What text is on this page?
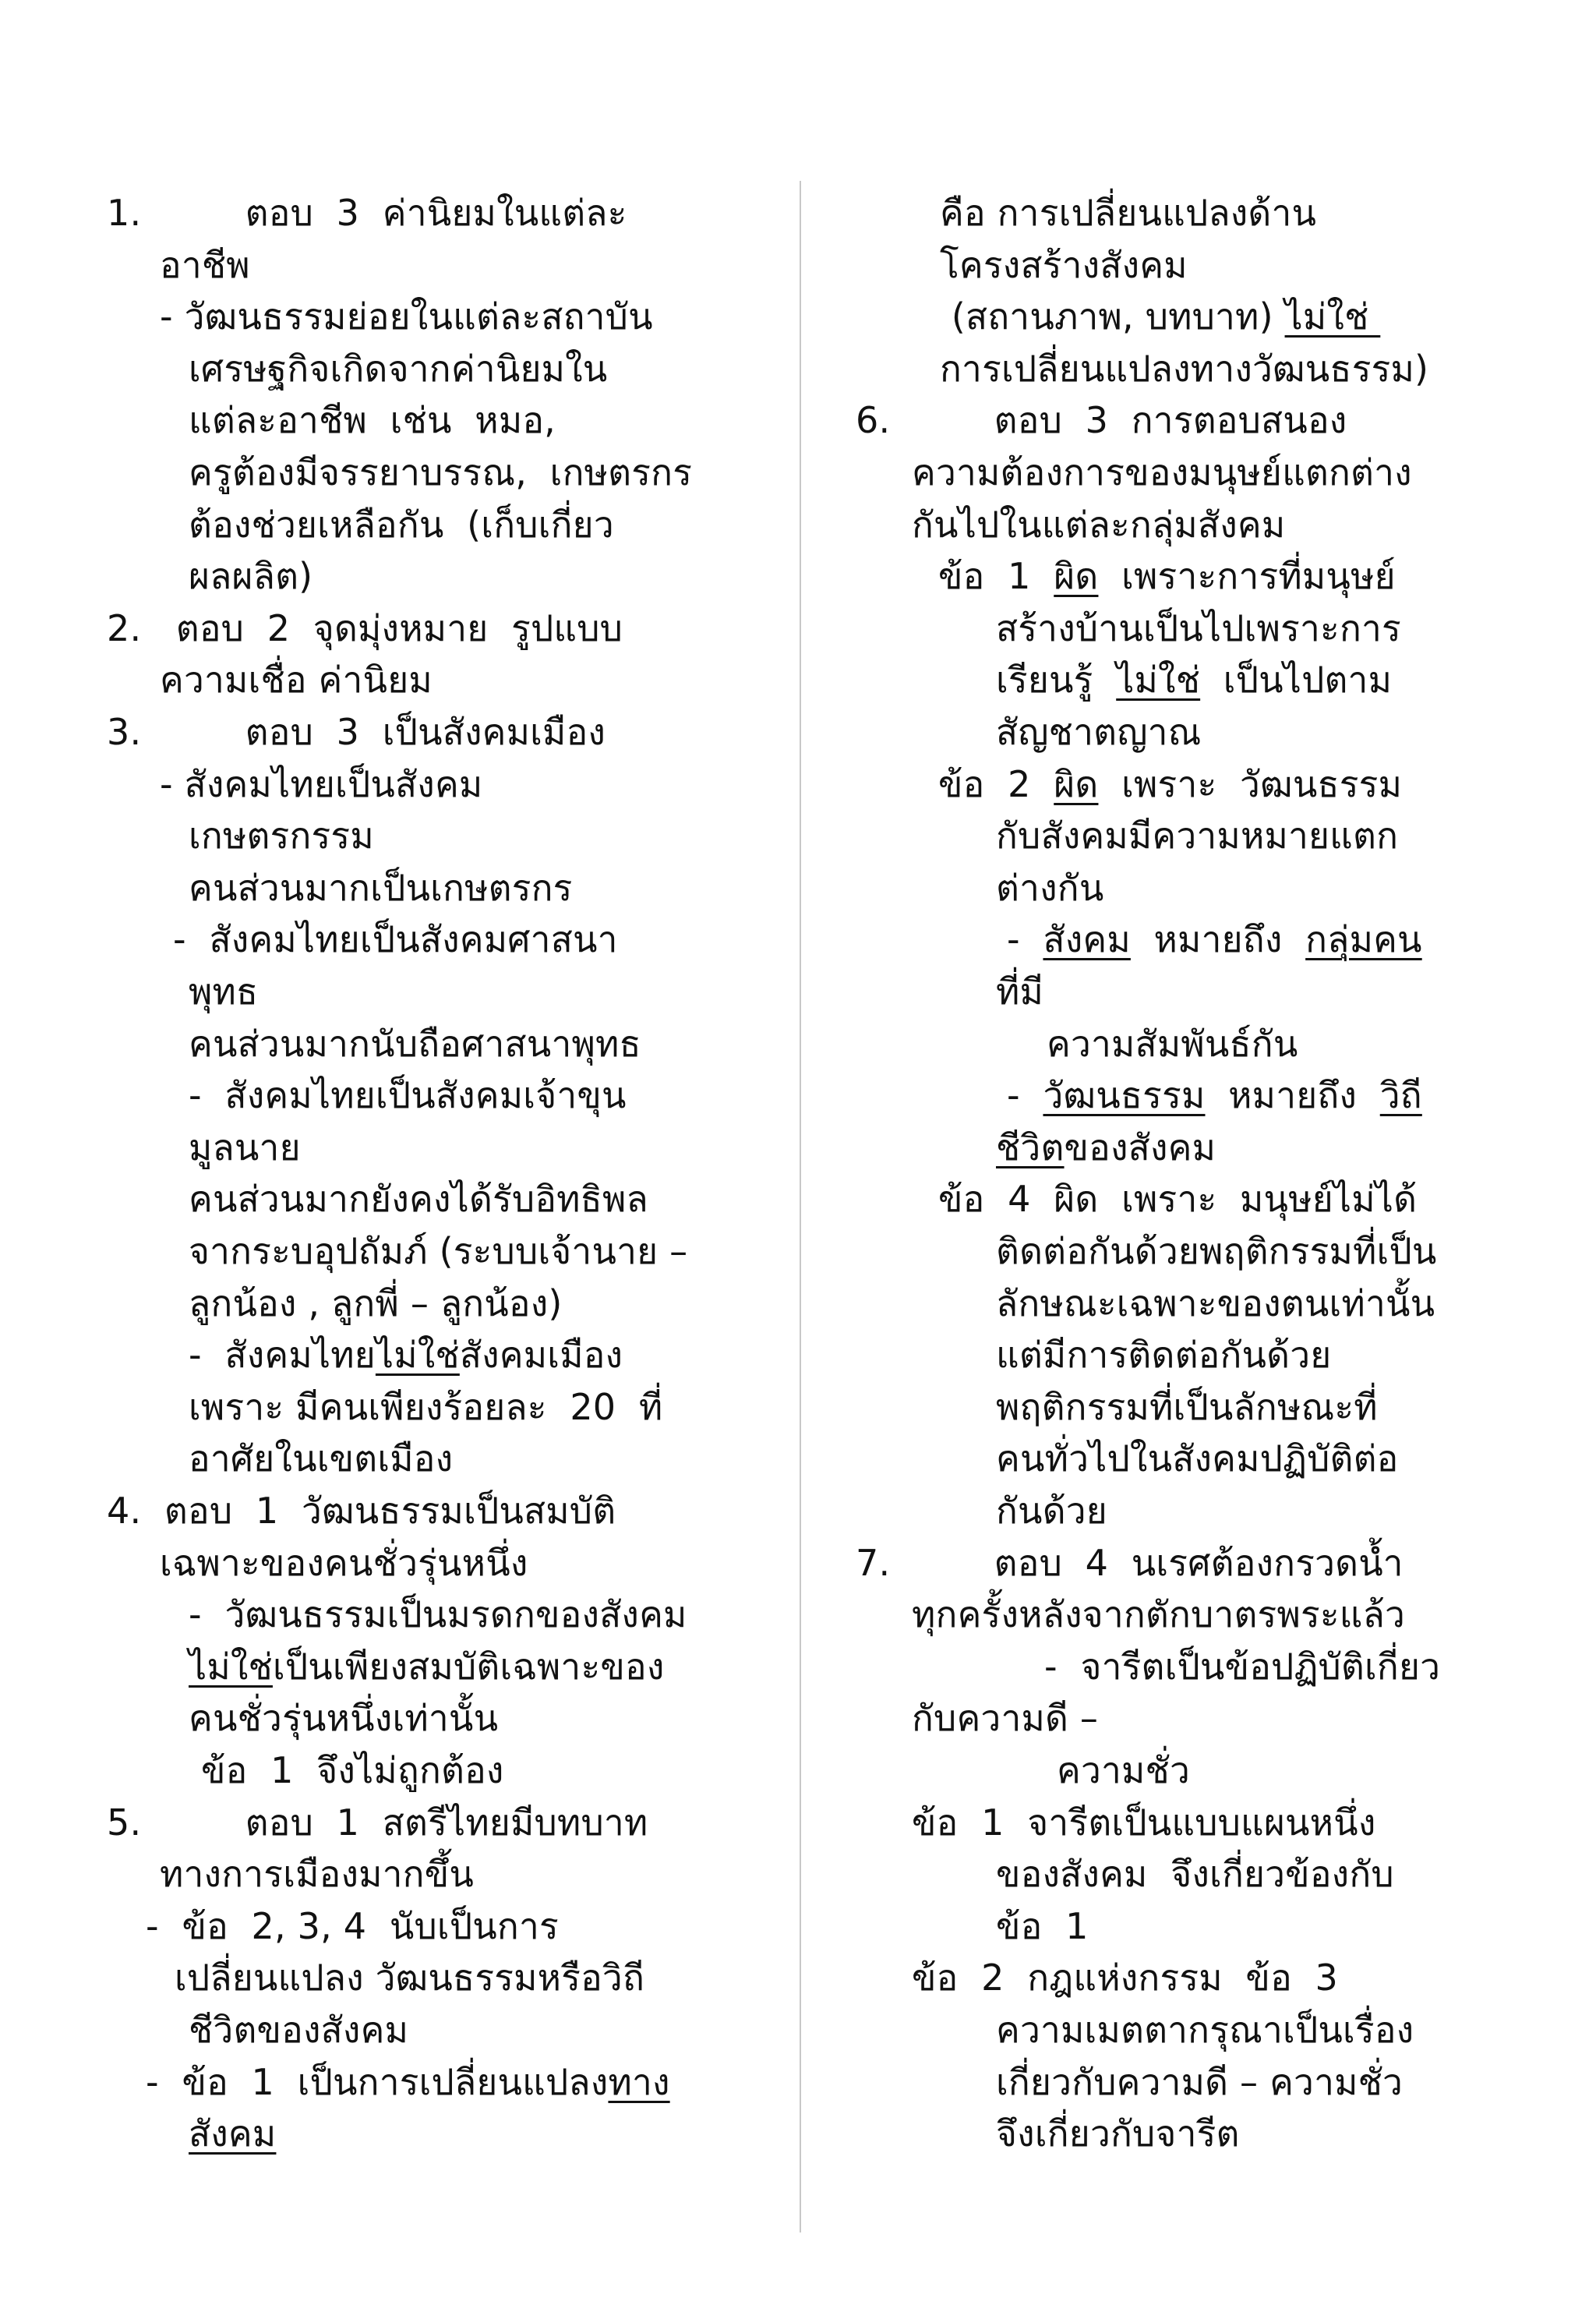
1.         ตอบ  3  ค่านิยมในแต่ละ
อาชีพ
- วัฒนธรรมย่อยในแต่ละสถาบัน
เศรษฐกิจเกิดจากค่านิยมใน
แต่ละอาชีพ  เช่น  หมอ,
ครูต้องมีจรรยาบรรณ,  เกษตรกร
ต้องช่วยเหลือกัน  (เก็บเกี่ยว
ผลผลิต)
2.   ตอบ  2  จุดมุ่งหมาย  รูปแบบ
ความเชื่อ ค่านิยม
3.         ตอบ  3  เป็นสังคมเมือง
- สังคมไทยเป็นสังคม
เกษตรกรรม
คนส่วนมากเป็นเกษตรกร
-  สังคมไทยเป็นสังคมศาสนา
พุทธ
คนส่วนมากนับถือศาสนาพุทธ
-  สังคมไทยเป็นสังคมเจ้าขุน
มูลนาย
คนส่วนมากยังคงได้รับอิทธิพล
จากระบอุปถัมภ์ (ระบบเจ้านาย –
ลูกน้อง , ลูกพี่ – ลูกน้อง)
-  สังคมไทยไม่ใช่สังคมเมือง
เพราะ มีคนเพียงร้อยละ  20  ที่
อาศัยในเขตเมือง
4.  ตอบ  1  วัฒนธรรมเป็นสมบัติ
เฉพาะของคนชั่วรุ่นหนึ่ง
-  วัฒนธรรมเป็นมรดกของสังคม
ไม่ใช่เป็นเพียงสมบัติเฉพาะของ
คนชั่วรุ่นหนึ่งเท่านั้น
ข้อ  1  จึงไม่ถูกต้อง
5.         ตอบ  1  สตรีไทยมีบทบาท
ทางการเมืองมากขึ้น
-  ข้อ  2, 3, 4  นับเป็นการ
เปลี่ยนแปลง วัฒนธรรมหรือวิถี
ชีวิตของสังคม
-  ข้อ  1  เป็นการเปลี่ยนแปลงทาง
สังคม
คือ การเปลี่ยนแปลงด้าน
โครงสร้างสังคม
(สถานภาพ, บทบาท) ไม่ใช่
การเปลี่ยนแปลงทางวัฒนธรรม)
6.         ตอบ  3  การตอบสนอง
ความต้องการของมนุษย์แตกต่าง
กันไปในแต่ละกลุ่มสังคม
ข้อ  1  ผิด  เพราะการที่มนุษย์
สร้างบ้านเป็นไปเพราะการ
เรียนรู้  ไม่ใช่  เป็นไปตาม
สัญชาตญาณ
ข้อ  2  ผิด  เพราะ  วัฒนธรรม
กับสังคมมีความหมายแตก
ต่างกัน
-  สังคม  หมายถึง  กลุ่มคน
ที่มี
ความสัมพันธ์กัน
-  วัฒนธรรม  หมายถึง  วิถี
ชีวิตของสังคม
ข้อ  4  ผิด  เพราะ  มนุษย์ไม่ได้
ติดต่อกันด้วยพฤติกรรมที่เป็น
ลักษณะเฉพาะของตนเท่านั้น
แต่มีการติดต่อกันด้วย
พฤติกรรมที่เป็นลักษณะที่
คนทั่วไปในสังคมปฏิบัติต่อ
กันด้วย
7.         ตอบ  4  นเรศต้องกรวดน้ำ
ทุกครั้งหลังจากตักบาตรพระแล้ว
-  จารีตเป็นข้อปฏิบัติเกี่ยว
กับความดี –
ความชั่ว
ข้อ  1  จารีตเป็นแบบแผนหนึ่ง
ของสังคม  จึงเกี่ยวข้องกับ
ข้อ  1
ข้อ  2  กฎแห่งกรรม  ข้อ  3
ความเมตตากรุณาเป็นเรื่อง
เกี่ยวกับความดี – ความชั่ว
จึงเกี่ยวกับจารีต
